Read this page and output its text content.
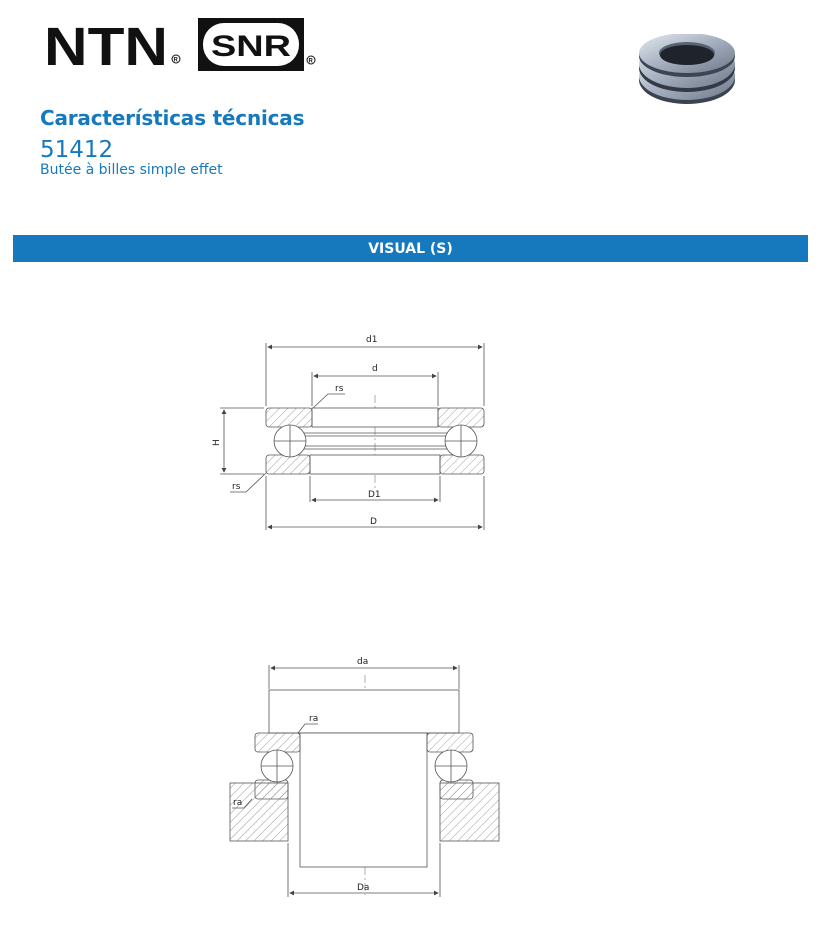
NTN R SNR	R
Características técnicas
51412
Butée à billes simple effet
VISUAL (S)
d1
d
rs
H
rs
D1
D
da
ra
ra
Da
